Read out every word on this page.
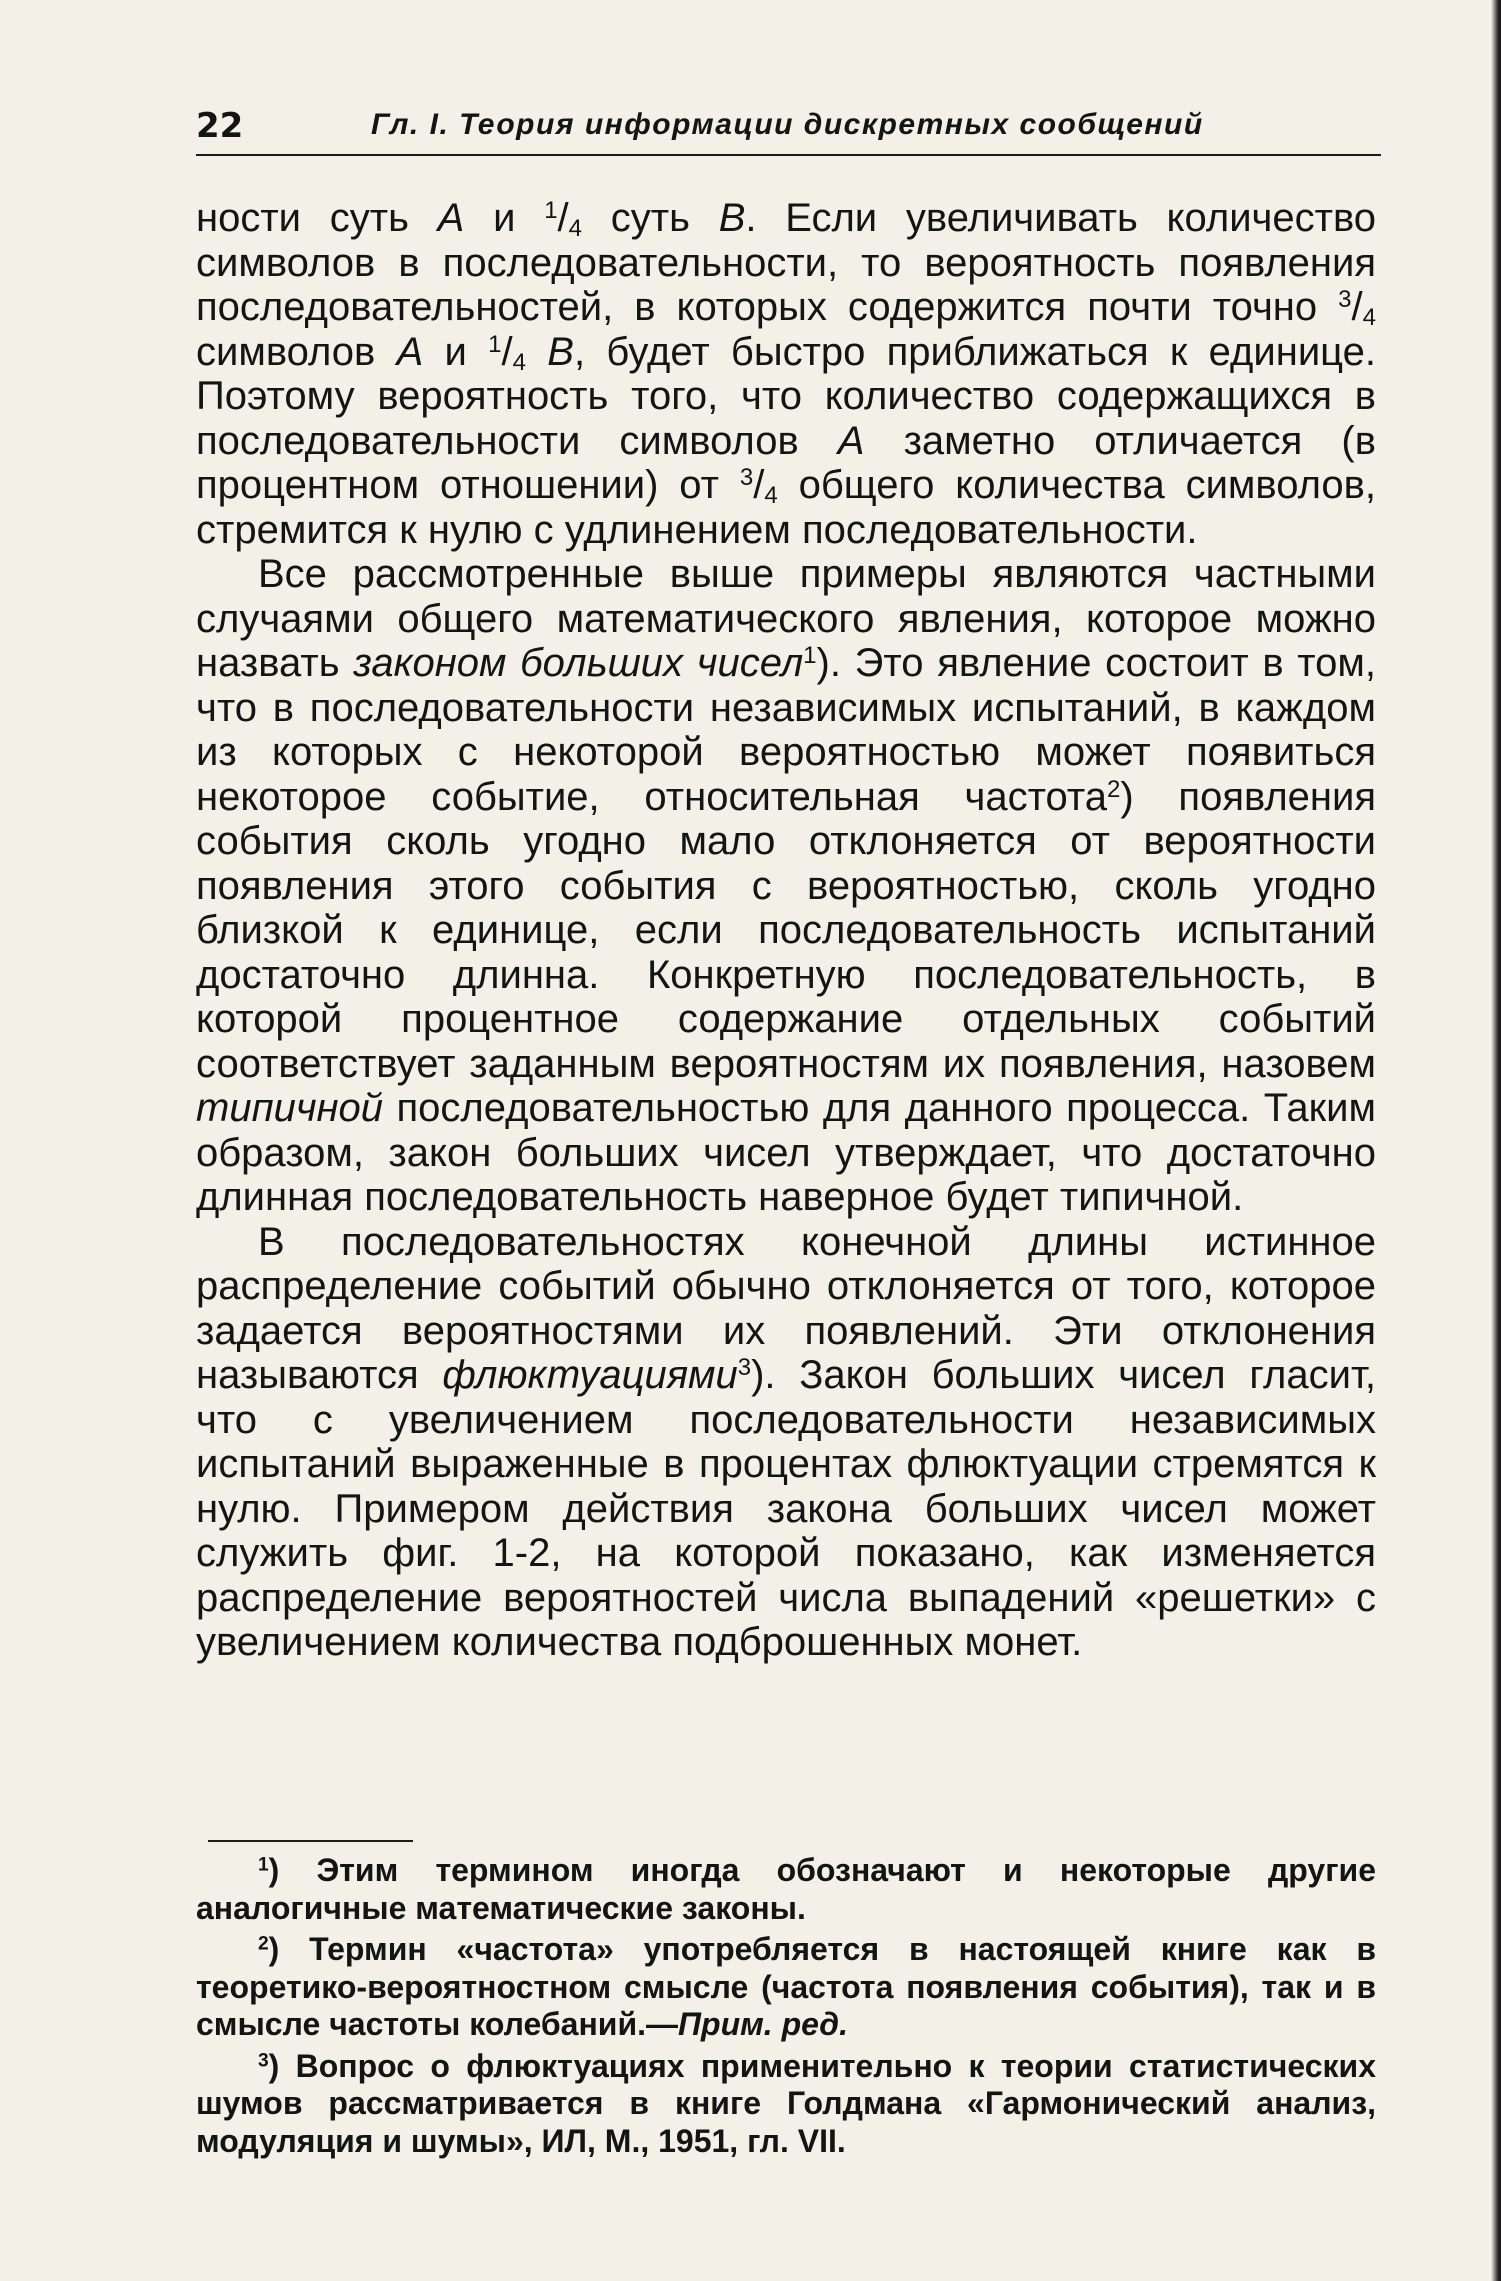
22	Гл. I. Теория информации дискретных сообщений

ности суть A и $^1/_4$ суть B. Если увеличивать количество символов в последовательности, то вероятность появления последовательностей, в которых содержится почти точно $^3/_4$ символов A и $^1/_4$ B, будет быстро приближаться к единице. Поэтому вероятность того, что количество содержащихся в последовательности символов A заметно отличается (в процентном отношении) от $^3/_4$ общего количества символов, стремится к нулю с удлинением последовательности.

Все рассмотренные выше примеры являются частными случаями общего математического явления, которое можно назвать законом больших чисел$^1$). Это явление состоит в том, что в последовательности независимых испытаний, в каждом из которых с некоторой вероятностью может появиться некоторое событие, относительная частота$^2$) появления события сколь угодно мало отклоняется от вероятности появления этого события с вероятностью, сколь угодно близкой к единице, если последовательность испытаний достаточно длинна. Конкретную последовательность, в которой процентное содержание отдельных событий соответствует заданным вероятностям их появления, назовем типичной последовательностью для данного процесса. Таким образом, закон больших чисел утверждает, что достаточно длинная последовательность наверное будет типичной.

В последовательностях конечной длины истинное распределение событий обычно отклоняется от того, которое задается вероятностями их появлений. Эти отклонения называются флюктуациями$^3$). Закон больших чисел гласит, что с увеличением последовательности независимых испытаний выраженные в процентах флюктуации стремятся к нулю. Примером действия закона больших чисел может служить фиг. 1-2, на которой показано, как изменяется распределение вероятностей числа выпадений «решетки» с увеличением количества подброшенных монет.

$^1$) Этим термином иногда обозначают и некоторые другие аналогичные математические законы.

$^2$) Термин «частота» употребляется в настоящей книге как в теоретико-вероятностном смысле (частота появления события), так и в смысле частоты колебаний.—Прим. ред.

$^3$) Вопрос о флюктуациях применительно к теории статистических шумов рассматривается в книге Голдмана «Гармонический анализ, модуляция и шумы», ИЛ, М., 1951, гл. VII.
